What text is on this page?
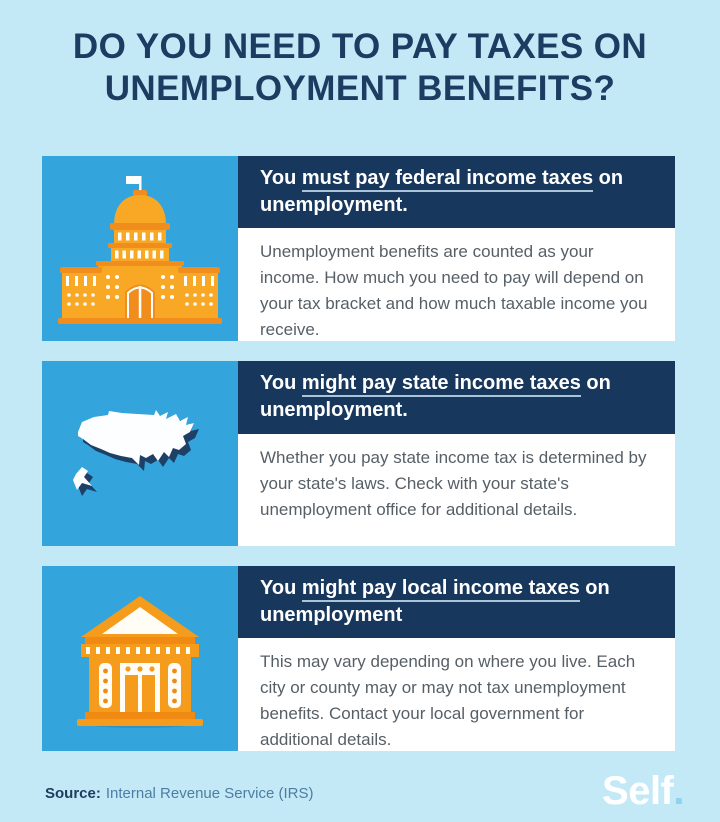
DO YOU NEED TO PAY TAXES ON
UNEMPLOYMENT BENEFITS?
You must pay federal income taxes on unemployment.
Unemployment benefits are counted as your income. How much you need to pay will depend on your tax bracket and how much taxable income you receive.
You might pay state income taxes on unemployment.
Whether you pay state income tax is determined by your state's laws. Check with your state's unemployment office for additional details.
You might pay local income taxes on unemployment
This may vary depending on where you live. Each city or county may or may not tax unemployment benefits. Contact your local government for additional details.
Source: Internal Revenue Service (IRS)	Self.
